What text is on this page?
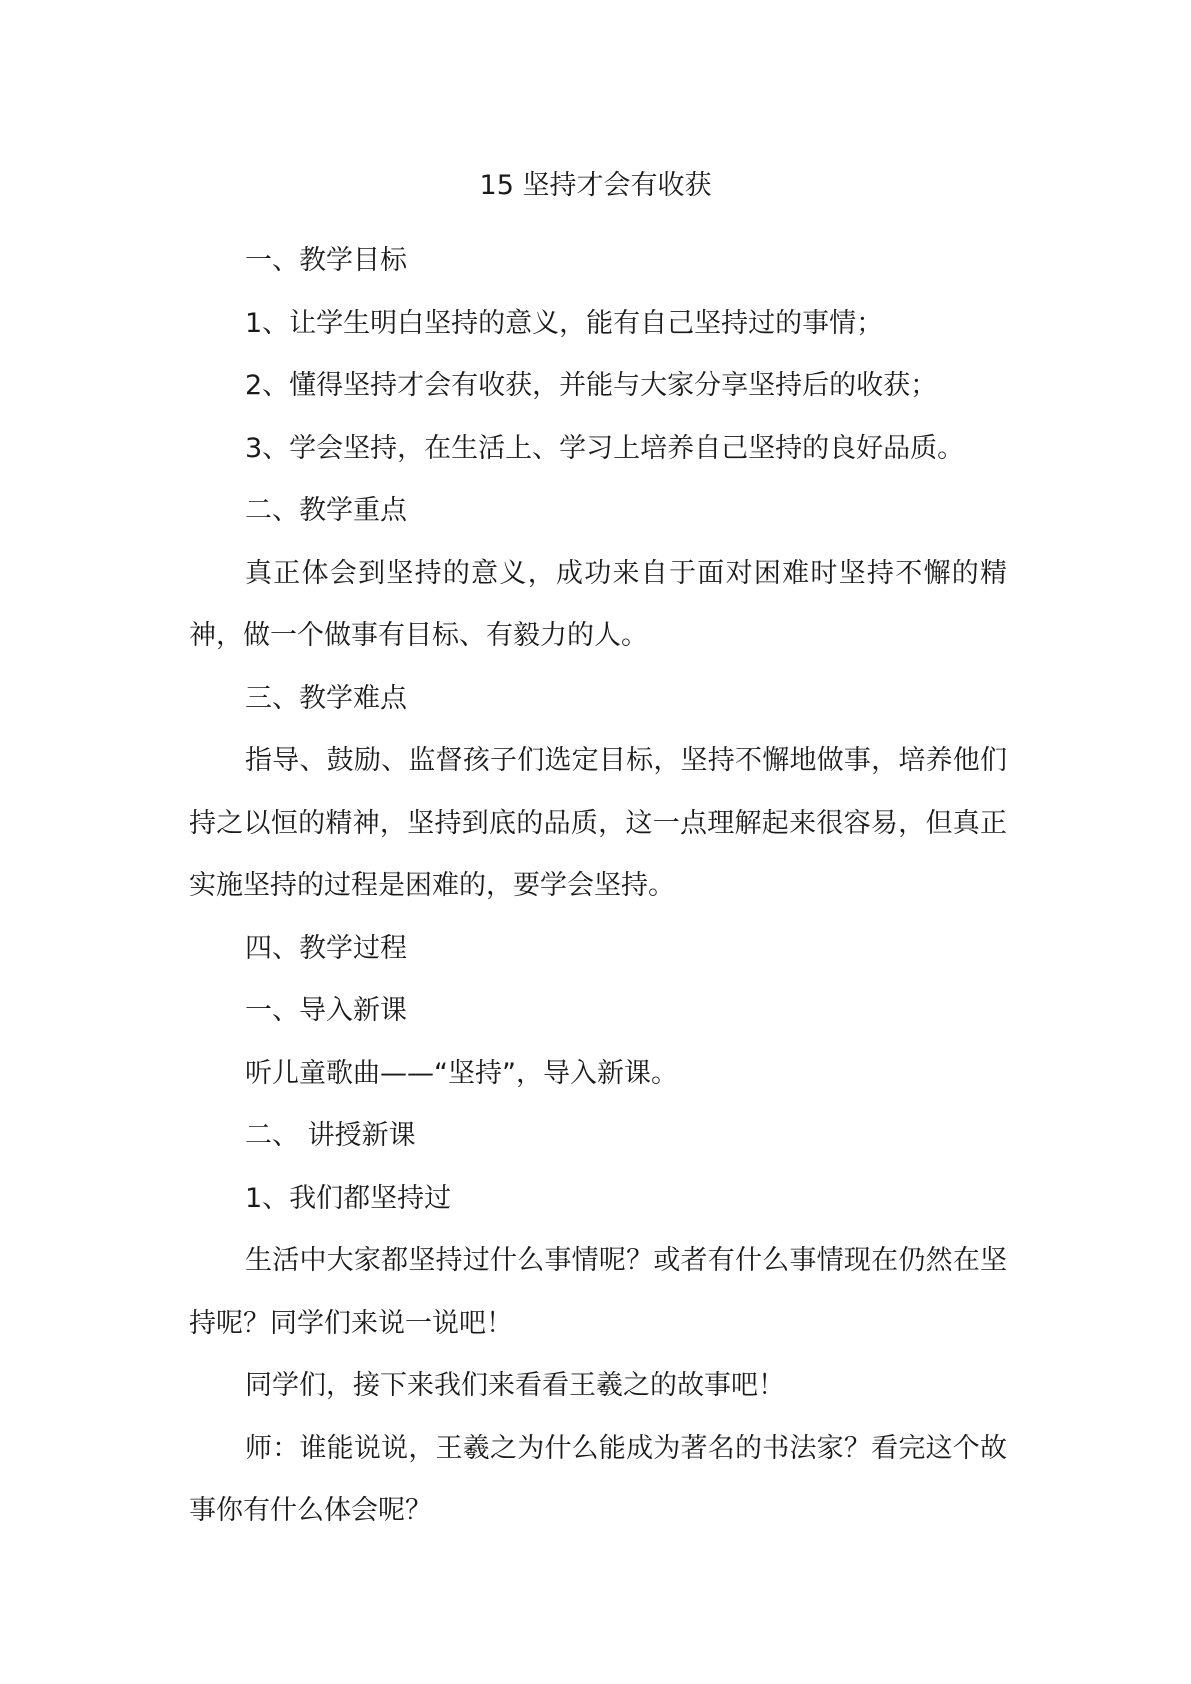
15 坚持才会有收获

一、教学目标

1、让学生明白坚持的意义，能有自己坚持过的事情；

2、懂得坚持才会有收获，并能与大家分享坚持后的收获；

3、学会坚持，在生活上、学习上培养自己坚持的良好品质。

二、教学重点

真正体会到坚持的意义，成功来自于面对困难时坚持不懈的精神，做一个做事有目标、有毅力的人。

三、教学难点

指导、鼓励、监督孩子们选定目标，坚持不懈地做事，培养他们持之以恒的精神，坚持到底的品质，这一点理解起来很容易，但真正实施坚持的过程是困难的，要学会坚持。

四、教学过程

一、导入新课

听儿童歌曲——“坚持”，导入新课。

二、 讲授新课

1、我们都坚持过

生活中大家都坚持过什么事情呢？或者有什么事情现在仍然在坚持呢？同学们来说一说吧！

同学们，接下来我们来看看王羲之的故事吧！

师：谁能说说，王羲之为什么能成为著名的书法家？看完这个故事你有什么体会呢？
